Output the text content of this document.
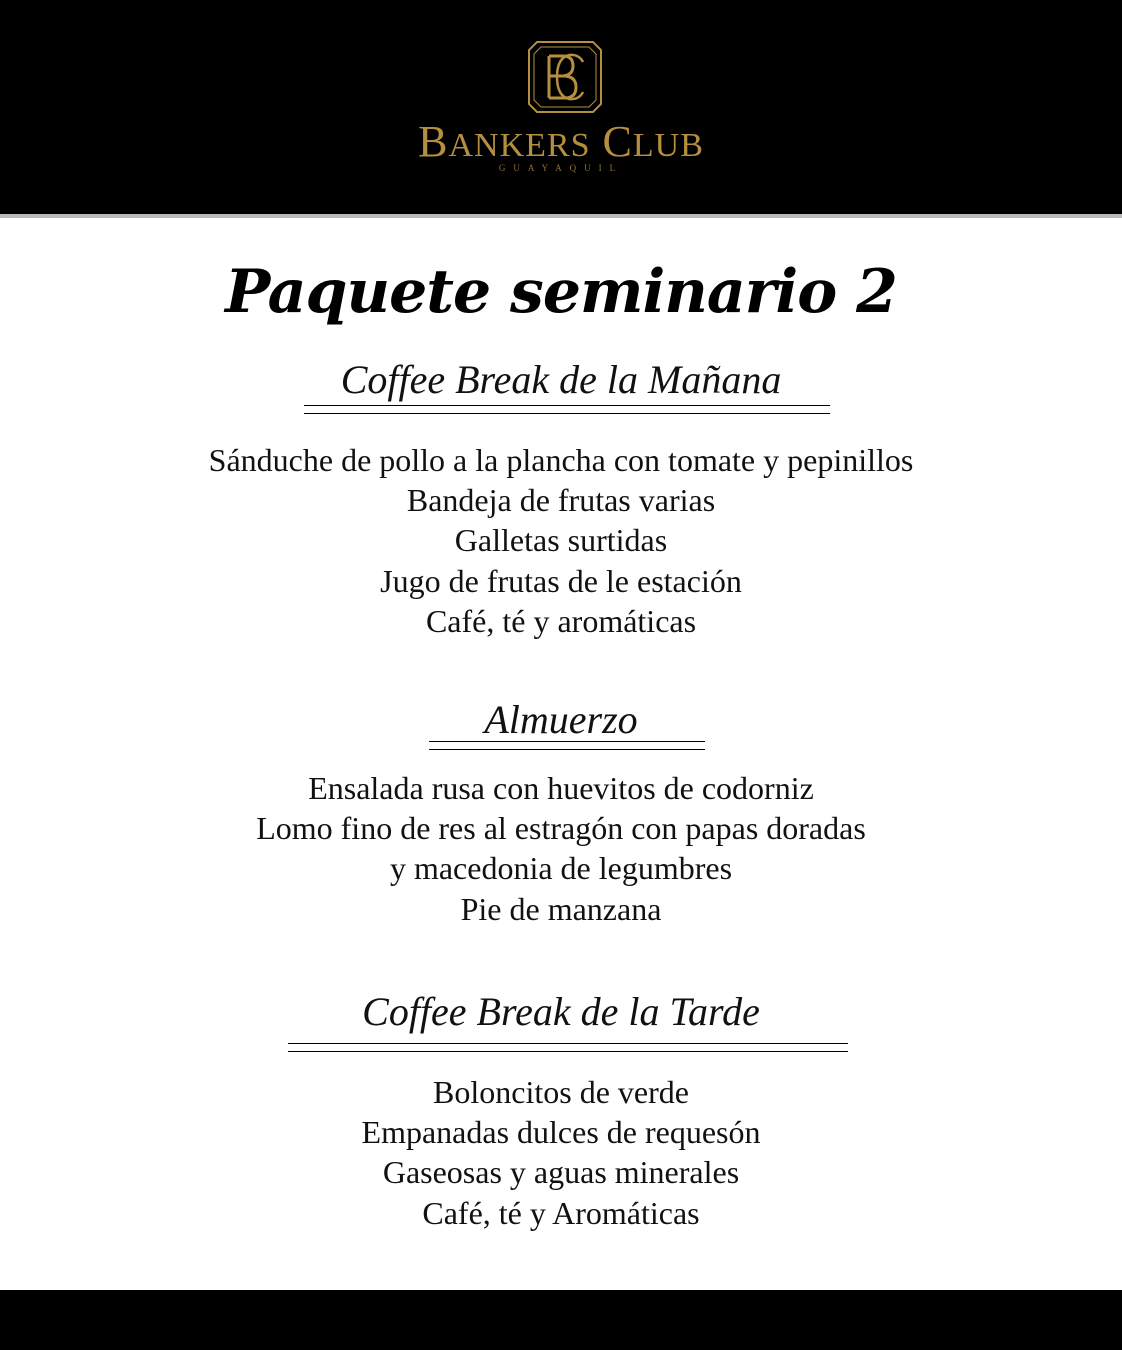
BANKERS CLUB
GUAYAQUIL
Paquete seminario 2
Coffee Break de la Mañana
Sánduche de pollo a la plancha con tomate y pepinillos
Bandeja de frutas varias
Galletas surtidas
Jugo de frutas de le estación
Café, té y aromáticas
Almuerzo
Ensalada rusa con huevitos de codorniz
Lomo fino de res al estragón con papas doradas
y macedonia de legumbres
Pie de manzana
Coffee Break de la Tarde
Boloncitos de verde
Empanadas dulces de requesón
Gaseosas y aguas minerales
Café, té y Aromáticas
